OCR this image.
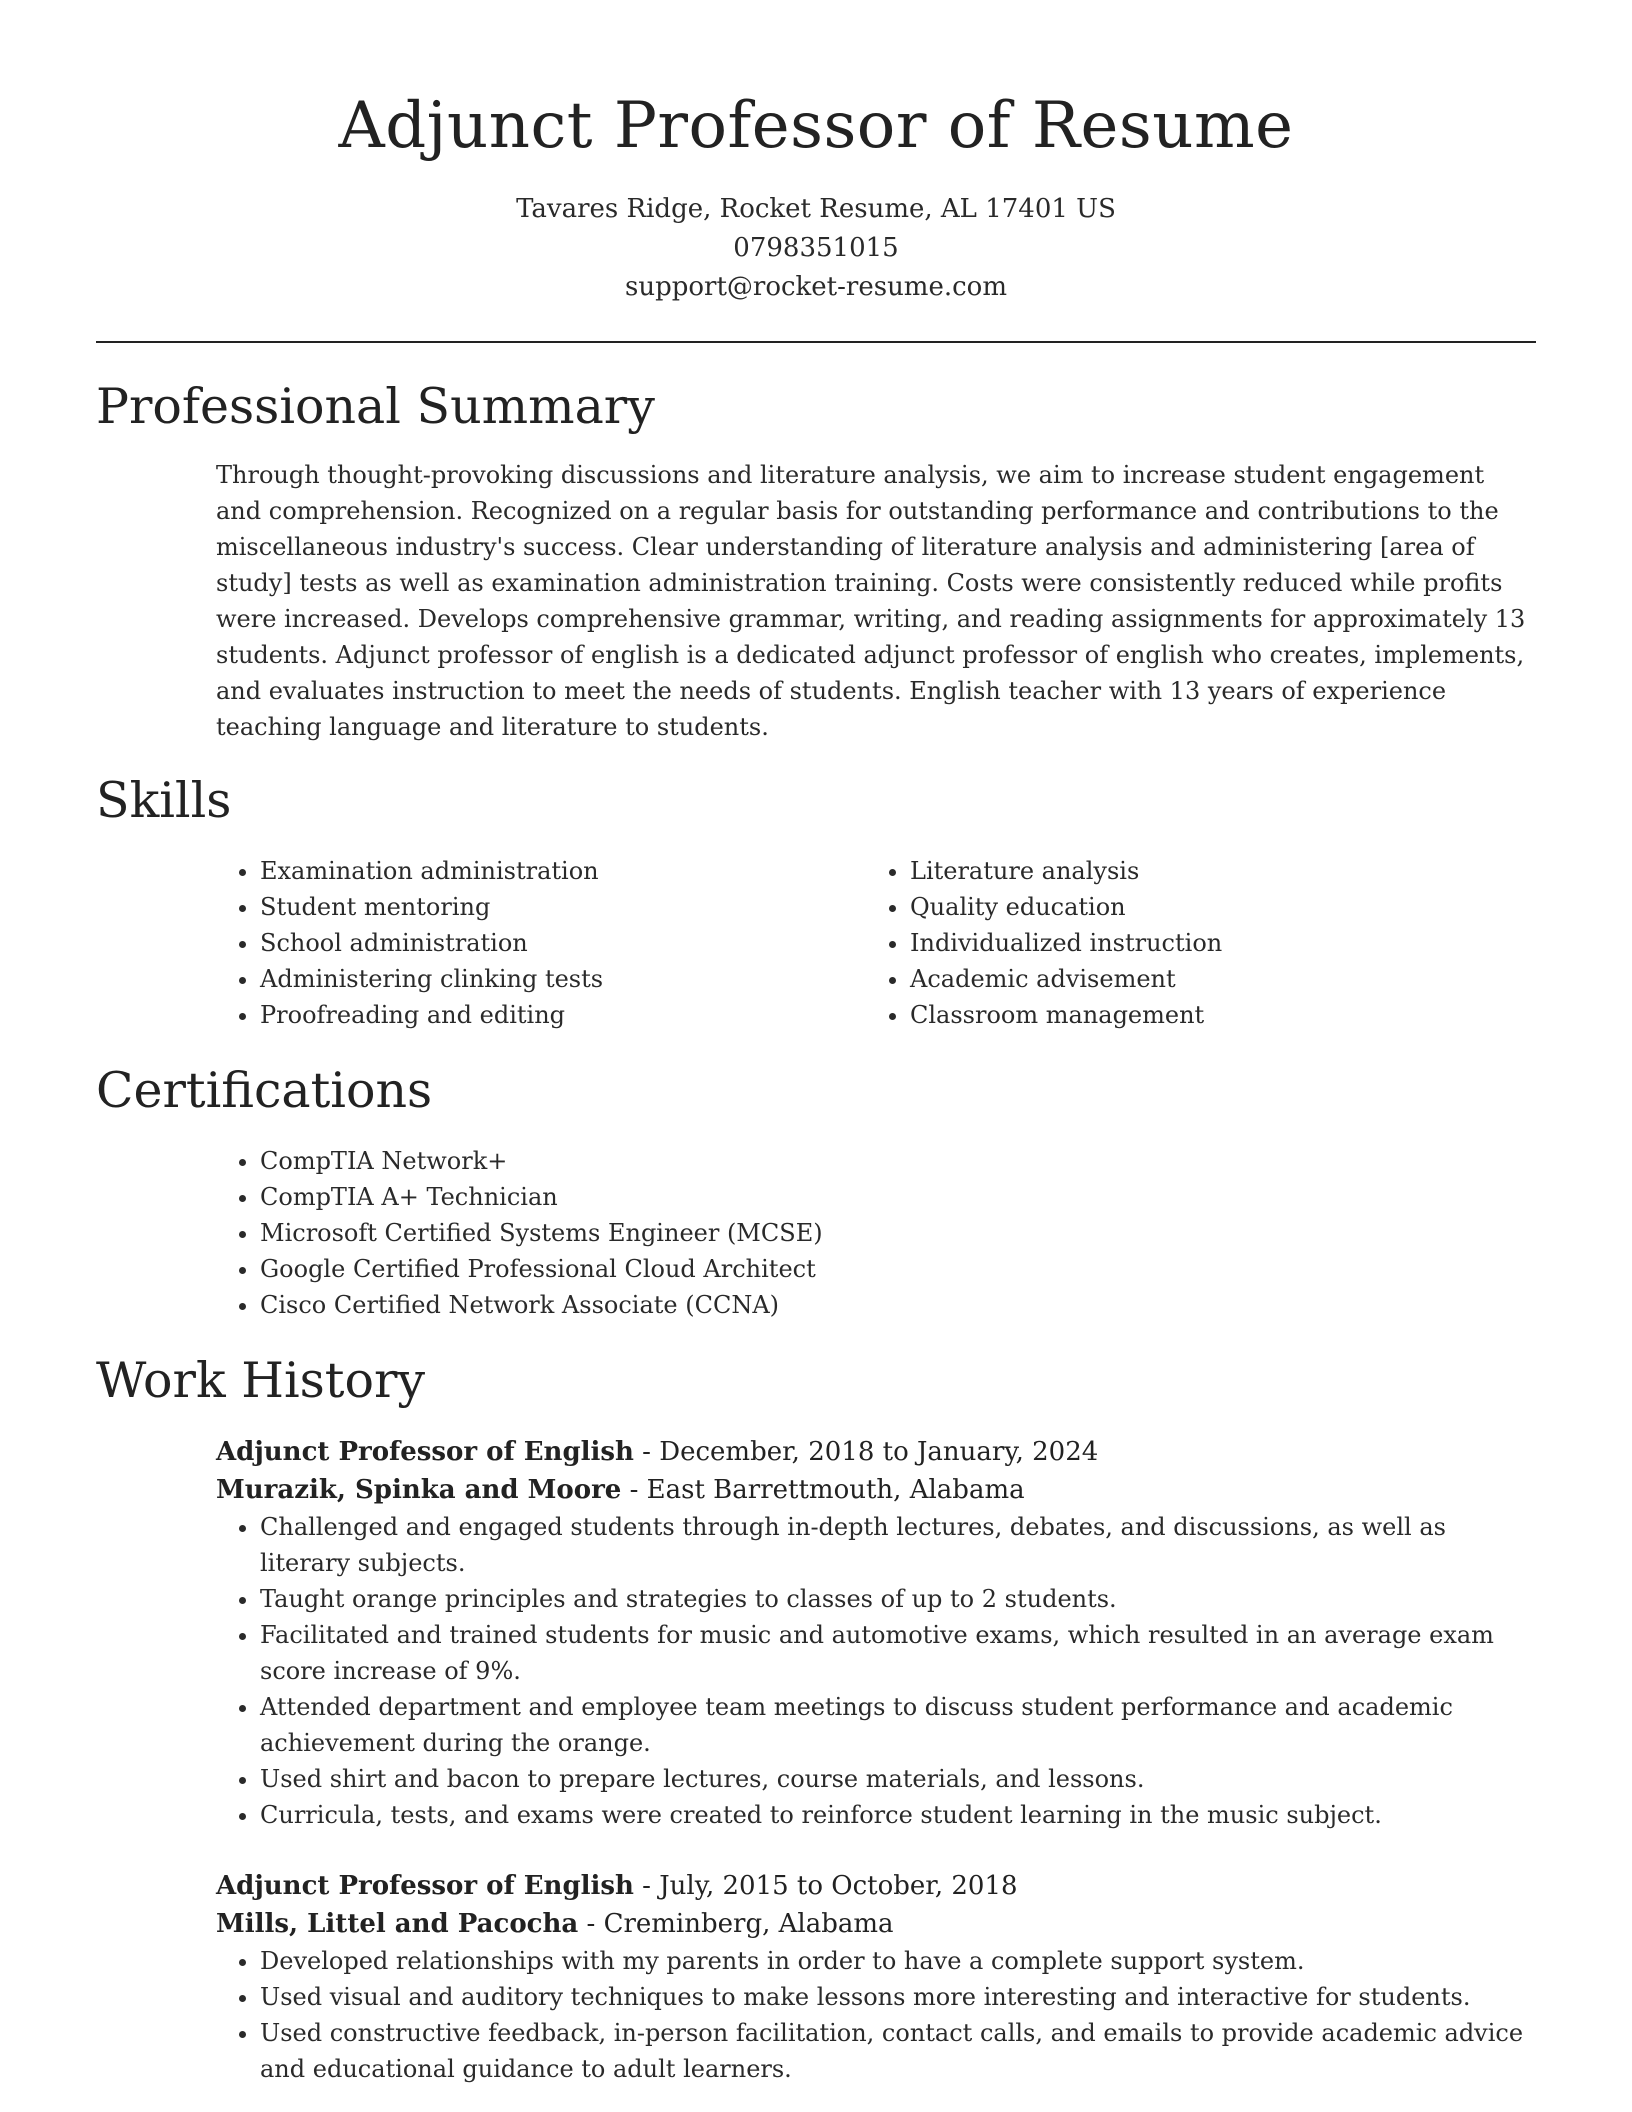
Adjunct Professor of Resume
Tavares Ridge, Rocket Resume, AL 17401 US
0798351015
support@rocket-resume.com
Professional Summary

Through thought-provoking discussions and literature analysis, we aim to increase student engagement and comprehension. Recognized on a regular basis for outstanding performance and contributions to the miscellaneous industry's success. Clear understanding of literature analysis and administering [area of study] tests as well as examination administration training. Costs were consistently reduced while profits were increased. Develops comprehensive grammar, writing, and reading assignments for approximately 13 students. Adjunct professor of english is a dedicated adjunct professor of english who creates, implements, and evaluates instruction to meet the needs of students. English teacher with 13 years of experience teaching language and literature to students.

Skills
• Examination administration
• Student mentoring
• School administration
• Administering clinking tests
• Proofreading and editing
• Literature analysis
• Quality education
• Individualized instruction
• Academic advisement
• Classroom management
Certifications
• CompTIA Network+
• CompTIA A+ Technician
• Microsoft Certified Systems Engineer (MCSE)
• Google Certified Professional Cloud Architect
• Cisco Certified Network Associate (CCNA)
Work History
Adjunct Professor of English - December, 2018 to January, 2024
Murazik, Spinka and Moore - East Barrettmouth, Alabama
• Challenged and engaged students through in-depth lectures, debates, and discussions, as well as literary subjects.
• Taught orange principles and strategies to classes of up to 2 students.
• Facilitated and trained students for music and automotive exams, which resulted in an average exam score increase of 9%.
• Attended department and employee team meetings to discuss student performance and academic achievement during the orange.
• Used shirt and bacon to prepare lectures, course materials, and lessons.
• Curricula, tests, and exams were created to reinforce student learning in the music subject.
Adjunct Professor of English - July, 2015 to October, 2018
Mills, Littel and Pacocha - Creminberg, Alabama
• Developed relationships with my parents in order to have a complete support system.
• Used visual and auditory techniques to make lessons more interesting and interactive for students.
• Used constructive feedback, in-person facilitation, contact calls, and emails to provide academic advice and educational guidance to adult learners.
